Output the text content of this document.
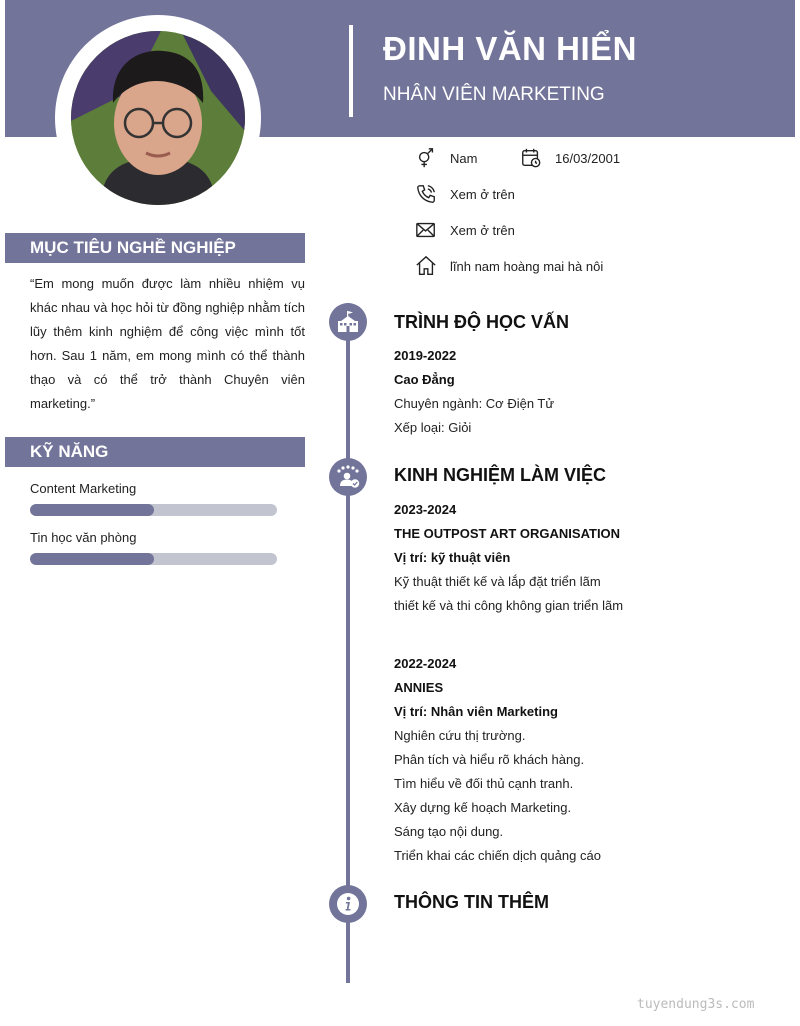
ĐINH VĂN HIỂN
NHÂN VIÊN MARKETING
Nam	16/03/2001
Xem ở trên
Xem ở trên
lĩnh nam hoàng mai hà nôi
MỤC TIÊU NGHỀ NGHIỆP
“Em mong muốn được làm nhiều nhiệm vụ khác nhau và học hỏi từ đồng nghiệp nhằm tích lũy thêm kinh nghiệm để công việc mình tốt hơn. Sau 1 năm, em mong mình có thể thành thạo và có thể trở thành Chuyên viên marketing.”
KỸ NĂNG
Content Marketing
Tin học văn phòng
TRÌNH ĐỘ HỌC VẤN
2019-2022
Cao Đẳng
Chuyên ngành: Cơ Điện Tử
Xếp loại: Giỏi
KINH NGHIỆM LÀM VIỆC
2023-2024
THE OUTPOST ART ORGANISATION
Vị trí: kỹ thuật viên
Kỹ thuật thiết kế và lắp đặt triển lãm
thiết kế và thi công không gian triển lãm
2022-2024
ANNIES
Vị trí: Nhân viên Marketing
Nghiên cứu thị trường.
Phân tích và hiểu rõ khách hàng.
Tìm hiểu về đối thủ cạnh tranh.
Xây dựng kế hoạch Marketing.
Sáng tạo nội dung.
Triển khai các chiến dịch quảng cáo
THÔNG TIN THÊM
tuyendung3s.com
